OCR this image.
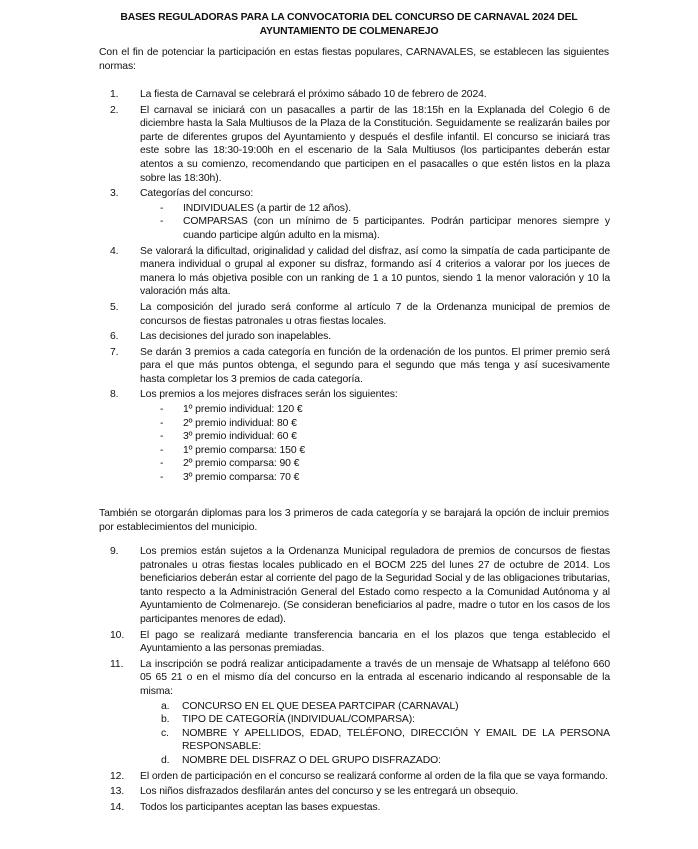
BASES REGULADORAS PARA LA CONVOCATORIA DEL CONCURSO DE CARNAVAL 2024 DEL AYUNTAMIENTO DE COLMENAREJO
Con el fin de potenciar la participación en estas fiestas populares, CARNAVALES, se establecen las siguientes normas:
1. La fiesta de Carnaval se celebrará el próximo sábado 10 de febrero de 2024.
2. El carnaval se iniciará con un pasacalles a partir de las 18:15h en la Explanada del Colegio 6 de diciembre hasta la Sala Multiusos de la Plaza de la Constitución. Seguidamente se realizarán bailes por parte de diferentes grupos del Ayuntamiento y después el desfile infantil. El concurso se iniciará tras este sobre las 18:30-19:00h en el escenario de la Sala Multiusos (los participantes deberán estar atentos a su comienzo, recomendando que participen en el pasacalles o que estén listos en la plaza sobre las 18:30h).
3. Categorías del concurso:
- INDIVIDUALES (a partir de 12 años).
- COMPARSAS (con un mínimo de 5 participantes. Podrán participar menores siempre y cuando participe algún adulto en la misma).
4. Se valorará la dificultad, originalidad y calidad del disfraz, así como la simpatía de cada participante de manera individual o grupal al exponer su disfraz, formando así 4 criterios a valorar por los jueces de manera lo más objetiva posible con un ranking de 1 a 10 puntos, siendo 1 la menor valoración y 10 la valoración más alta.
5. La composición del jurado será conforme al artículo 7 de la Ordenanza municipal de premios de concursos de fiestas patronales u otras fiestas locales.
6. Las decisiones del jurado son inapelables.
7. Se darán 3 premios a cada categoría en función de la ordenación de los puntos. El primer premio será para el que más puntos obtenga, el segundo para el segundo que más tenga y así sucesivamente hasta completar los 3 premios de cada categoría.
8. Los premios a los mejores disfraces serán los siguientes:
- 1º premio individual: 120 €
- 2º premio individual: 80 €
- 3º premio individual: 60 €
- 1º premio comparsa: 150 €
- 2º premio comparsa: 90 €
- 3º premio comparsa: 70 €
También se otorgarán diplomas para los 3 primeros de cada categoría y se barajará la opción de incluir premios por establecimientos del municipio.
9. Los premios están sujetos a la Ordenanza Municipal reguladora de premios de concursos de fiestas patronales u otras fiestas locales publicado en el BOCM 225 del lunes 27 de octubre de 2014. Los beneficiarios deberán estar al corriente del pago de la Seguridad Social y de las obligaciones tributarias, tanto respecto a la Administración General del Estado como respecto a la Comunidad Autónoma y al Ayuntamiento de Colmenarejo. (Se consideran beneficiarios al padre, madre o tutor en los casos de los participantes menores de edad).
10. El pago se realizará mediante transferencia bancaria en el los plazos que tenga establecido el Ayuntamiento a las personas premiadas.
11. La inscripción se podrá realizar anticipadamente a través de un mensaje de Whatsapp al teléfono 660 05 65 21 o en el mismo día del concurso en la entrada al escenario indicando al responsable de la misma:
a. CONCURSO EN EL QUE DESEA PARTCIPAR (CARNAVAL)
b. TIPO DE CATEGORÍA (INDIVIDUAL/COMPARSA):
c. NOMBRE Y APELLIDOS, EDAD, TELÉFONO, DIRECCIÓN Y EMAIL DE LA PERSONA RESPONSABLE:
d. NOMBRE DEL DISFRAZ O DEL GRUPO DISFRAZADO:
12. El orden de participación en el concurso se realizará conforme al orden de la fila que se vaya formando.
13. Los niños disfrazados desfilarán antes del concurso y se les entregará un obsequio.
14. Todos los participantes aceptan las bases expuestas.
